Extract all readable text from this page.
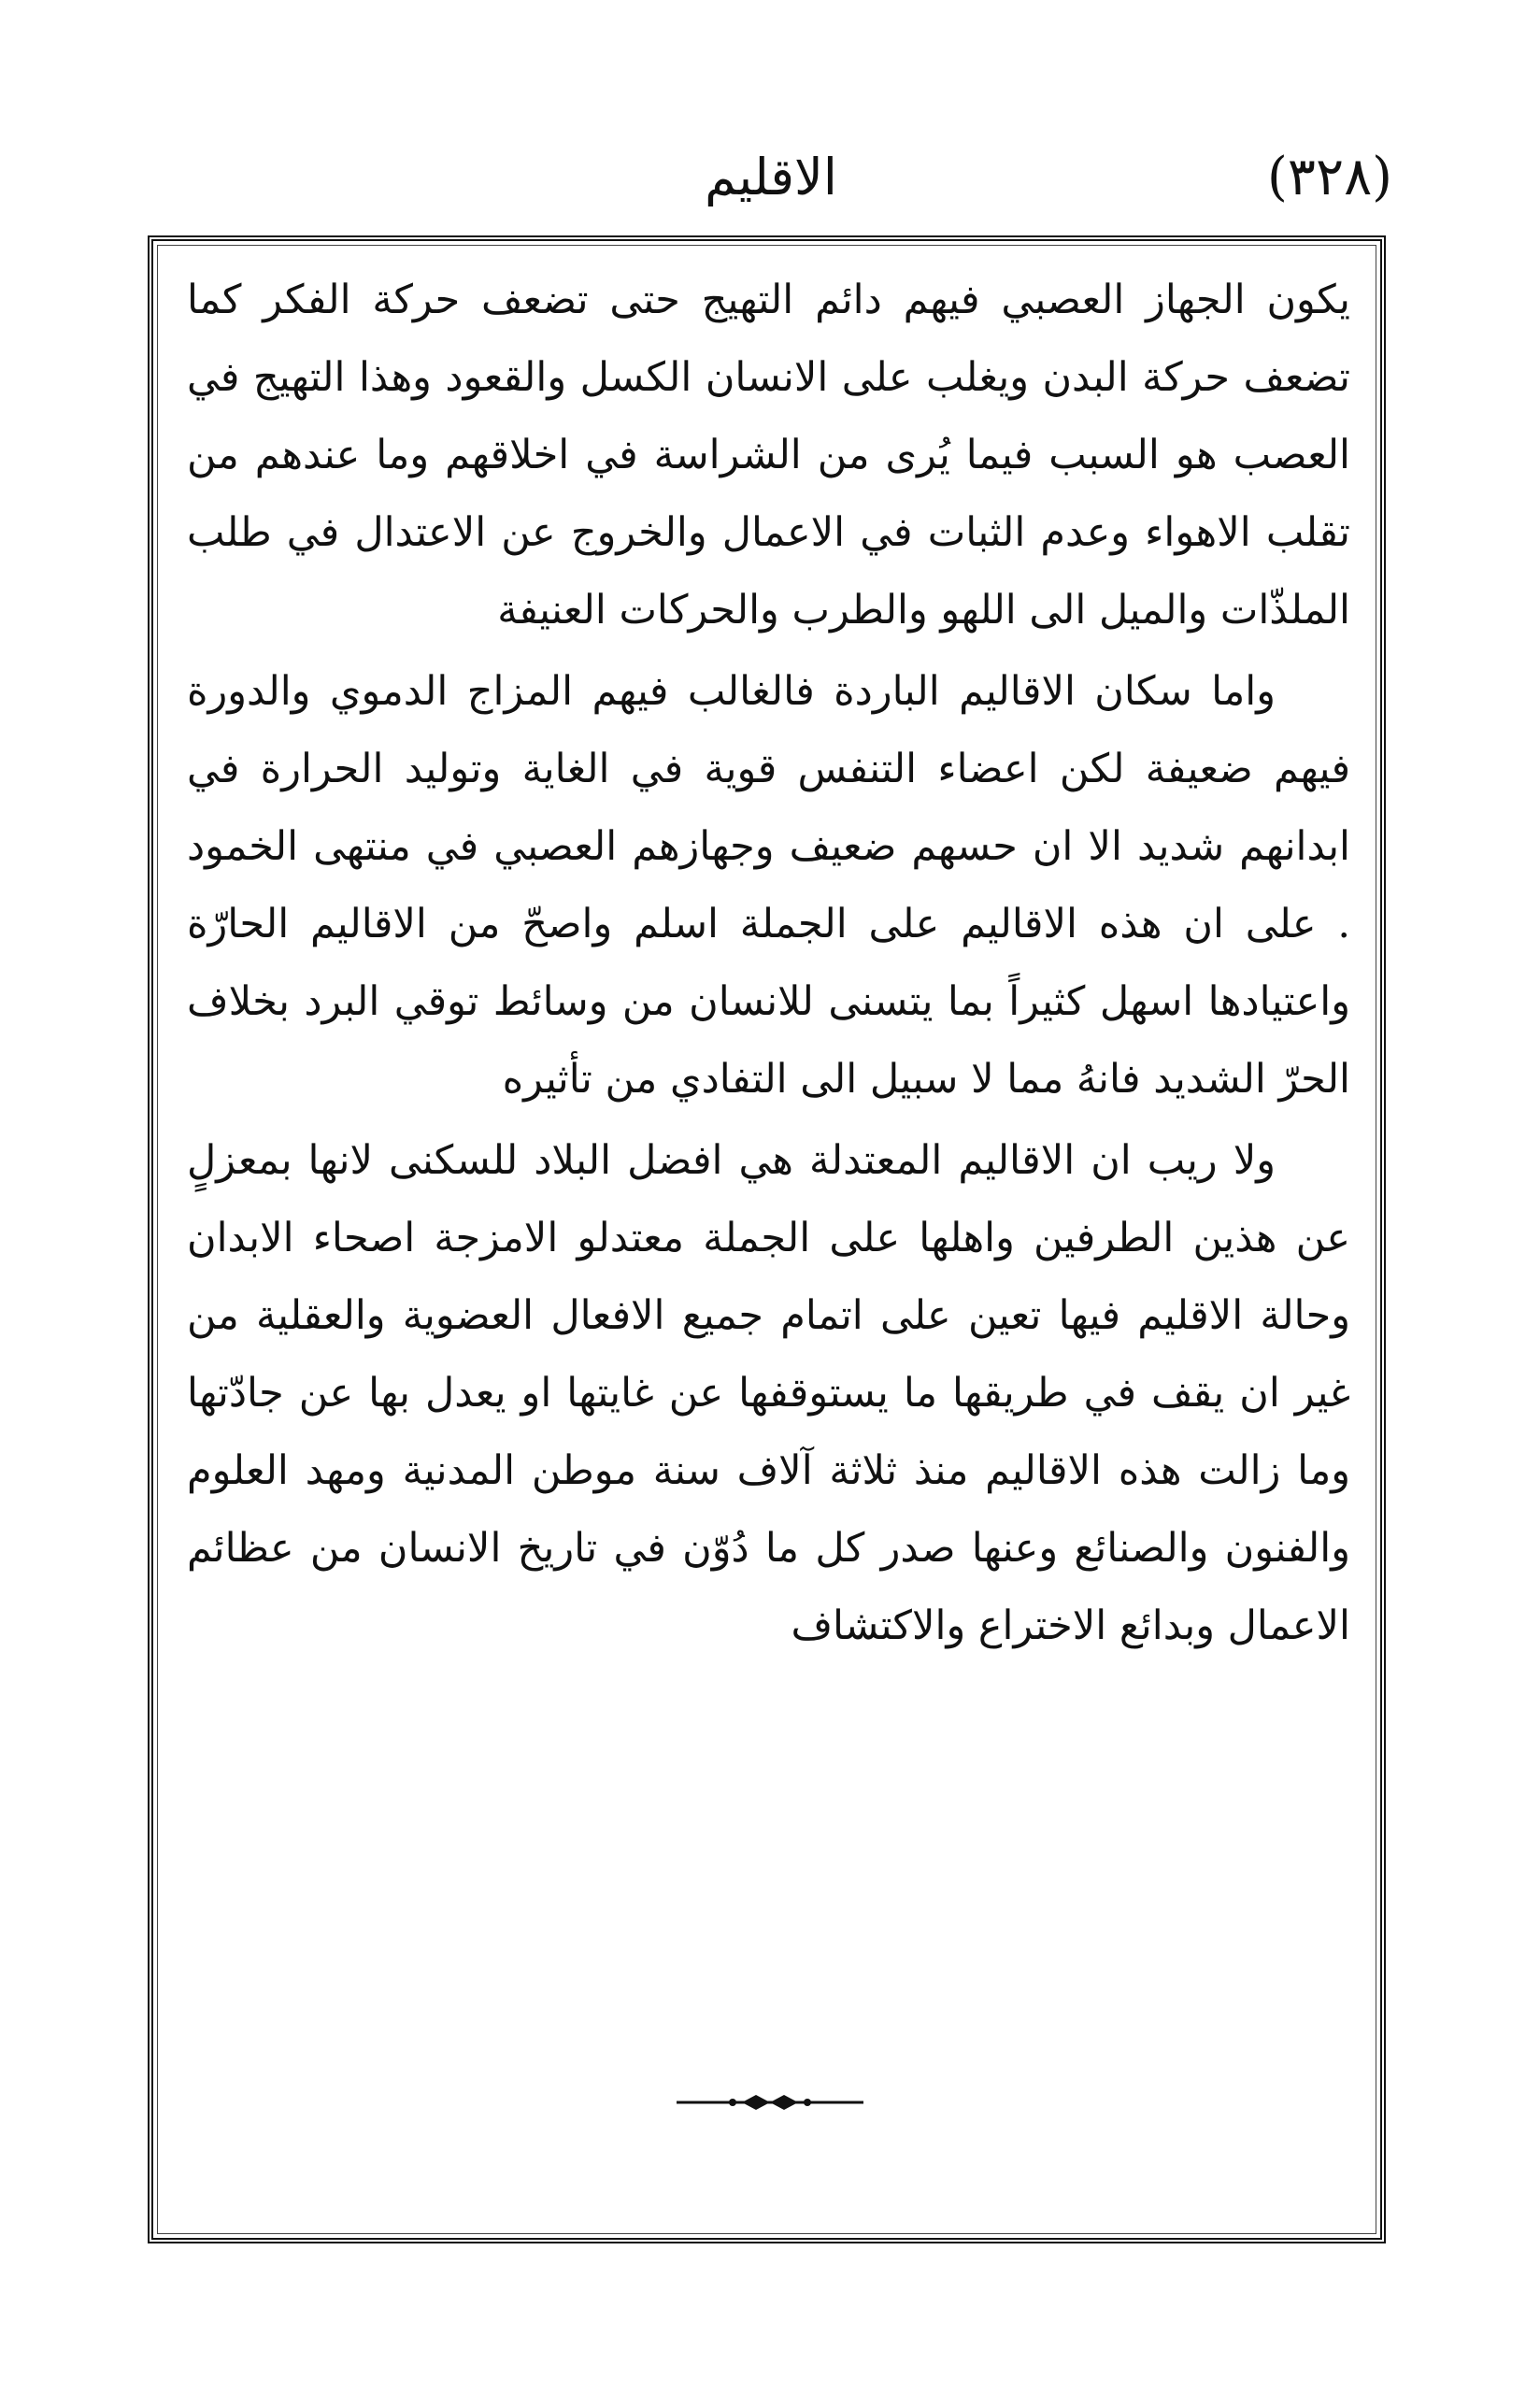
(٣٢٨)
الاقليم

يكون الجهاز العصبي فيهم دائم التهيج حتى تضعف حركة الفكر كما تضعف حركة البدن ويغلب على الانسان الكسل والقعود وهذا التهيج في العصب هو السبب فيما يُرى من الشراسة في اخلاقهم وما عندهم من تقلب الاهواء وعدم الثبات في الاعمال والخروج عن الاعتدال في طلب الملذّات والميل الى اللهو والطرب والحركات العنيفة

واما سكان الاقاليم الباردة فالغالب فيهم المزاج الدموي والدورة فيهم ضعيفة لكن اعضاء التنفس قوية في الغاية وتوليد الحرارة في ابدانهم شديد الا ان حسهم ضعيف وجهازهم العصبي في منتهى الخمود . على ان هذه الاقاليم على الجملة اسلم واصحّ من الاقاليم الحارّة واعتيادها اسهل كثيراً بما يتسنى للانسان من وسائط توقي البرد بخلاف الحرّ الشديد فانهُ مما لا سبيل الى التفادي من تأثيره

ولا ريب ان الاقاليم المعتدلة هي افضل البلاد للسكنى لانها بمعزلٍ عن هذين الطرفين واهلها على الجملة معتدلو الامزجة اصحاء الابدان وحالة الاقليم فيها تعين على اتمام جميع الافعال العضوية والعقلية من غير ان يقف في طريقها ما يستوقفها عن غايتها او يعدل بها عن جادّتها وما زالت هذه الاقاليم منذ ثلاثة آلاف سنة موطن المدنية ومهد العلوم والفنون والصنائع وعنها صدر كل ما دُوّن في تاريخ الانسان من عظائم الاعمال وبدائع الاختراع والاكتشاف
